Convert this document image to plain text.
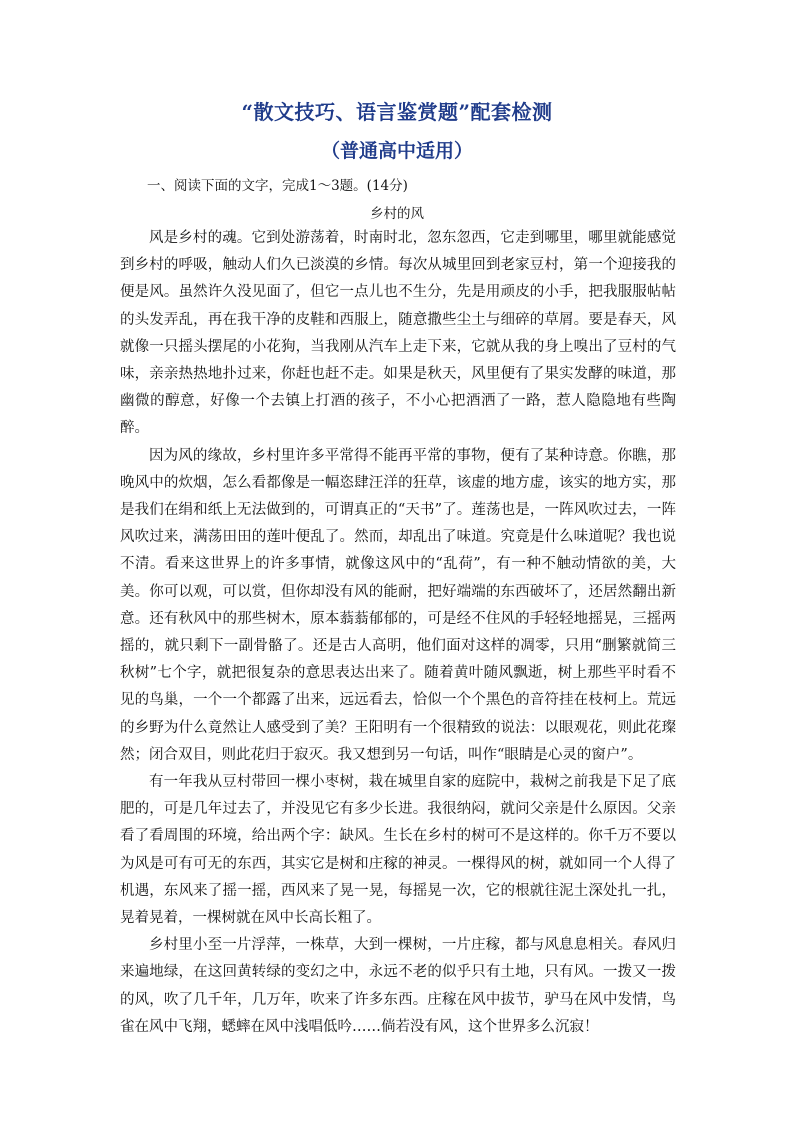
“散文技巧、语言鉴赏题”配套检测
（普通高中适用）
一、阅读下面的文字，完成1～3题。(14分)
乡村的风

风是乡村的魂。它到处游荡着，时南时北，忽东忽西，它走到哪里，哪里就能感觉到乡村的呼吸，触动人们久已淡漠的乡情。每次从城里回到老家豆村，第一个迎接我的便是风。虽然许久没见面了，但它一点儿也不生分，先是用顽皮的小手，把我服服帖帖的头发弄乱，再在我干净的皮鞋和西服上，随意撒些尘土与细碎的草屑。要是春天，风就像一只摇头摆尾的小花狗，当我刚从汽车上走下来，它就从我的身上嗅出了豆村的气味，亲亲热热地扑过来，你赶也赶不走。如果是秋天，风里便有了果实发酵的味道，那幽微的醇意，好像一个去镇上打酒的孩子，不小心把酒洒了一路，惹人隐隐地有些陶醉。

因为风的缘故，乡村里许多平常得不能再平常的事物，便有了某种诗意。你瞧，那晚风中的炊烟，怎么看都像是一幅恣肆汪洋的狂草，该虚的地方虚，该实的地方实，那是我们在绢和纸上无法做到的，可谓真正的“天书”了。莲荡也是，一阵风吹过去，一阵风吹过来，满荡田田的莲叶便乱了。然而，却乱出了味道。究竟是什么味道呢？我也说不清。看来这世界上的许多事情，就像这风中的“乱荷”，有一种不触动情欲的美，大美。你可以观，可以赏，但你却没有风的能耐，把好端端的东西破坏了，还居然翻出新意。还有秋风中的那些树木，原本蓊蓊郁郁的，可是经不住风的手轻轻地摇晃，三摇两摇的，就只剩下一副骨骼了。还是古人高明，他们面对这样的凋零，只用“删繁就简三秋树”七个字，就把很复杂的意思表达出来了。随着黄叶随风飘逝，树上那些平时看不见的鸟巢，一个一个都露了出来，远远看去，恰似一个个黑色的音符挂在枝柯上。荒远的乡野为什么竟然让人感受到了美？王阳明有一个很精致的说法：以眼观花，则此花璨然；闭合双目，则此花归于寂灭。我又想到另一句话，叫作“眼睛是心灵的窗户”。

有一年我从豆村带回一棵小枣树，栽在城里自家的庭院中，栽树之前我是下足了底肥的，可是几年过去了，并没见它有多少长进。我很纳闷，就问父亲是什么原因。父亲看了看周围的环境，给出两个字：缺风。生长在乡村的树可不是这样的。你千万不要以为风是可有可无的东西，其实它是树和庄稼的神灵。一棵得风的树，就如同一个人得了机遇，东风来了摇一摇，西风来了晃一晃，每摇晃一次，它的根就往泥土深处扎一扎，晃着晃着，一棵树就在风中长高长粗了。

乡村里小至一片浮萍，一株草，大到一棵树，一片庄稼，都与风息息相关。春风归来遍地绿，在这回黄转绿的变幻之中，永远不老的似乎只有土地，只有风。一拨又一拨的风，吹了几千年，几万年，吹来了许多东西。庄稼在风中拔节，驴马在风中发情，鸟雀在风中飞翔，蟋蟀在风中浅唱低吟……倘若没有风，这个世界多么沉寂！
